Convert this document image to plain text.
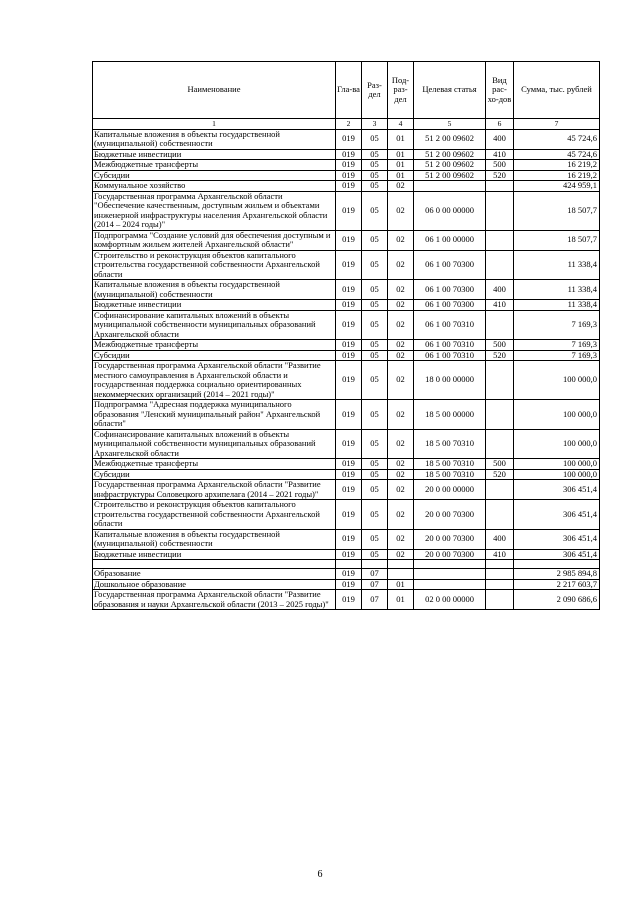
Наименование	Гла-ва	Раз-дел	Под-раз-дел	Целевая статья	Вид рас-хо-дов	Сумма, тыс. рублей
1	2	3	4	5	6	7
Капитальные вложения в объекты государственной (муниципальной) собственности	019	05	01	51 2 00 09602	400	45 724,6
Бюджетные инвестиции	019	05	01	51 2 00 09602	410	45 724,6
Межбюджетные трансферты	019	05	01	51 2 00 09602	500	16 219,2
Субсидии	019	05	01	51 2 00 09602	520	16 219,2
Коммунальное хозяйство	019	05	02			424 959,1
Государственная программа Архангельской области "Обеспечение качественным, доступным жильем и объектами инженерной инфраструктуры населения Архангельской области (2014 – 2024 годы)"	019	05	02	06 0 00 00000		18 507,7
Подпрограмма "Создание условий для обеспечения доступным и комфортным жильем жителей Архангельской области"	019	05	02	06 1 00 00000		18 507,7
Строительство и реконструкция объектов капитального строительства государственной собственности Архангельской области	019	05	02	06 1 00 70300		11 338,4
Капитальные вложения в объекты государственной (муниципальной) собственности	019	05	02	06 1 00 70300	400	11 338,4
Бюджетные инвестиции	019	05	02	06 1 00 70300	410	11 338,4
Софинансирование капитальных вложений в объекты муниципальной собственности муниципальных образований Архангельской области	019	05	02	06 1 00 70310		7 169,3
Межбюджетные трансферты	019	05	02	06 1 00 70310	500	7 169,3
Субсидии	019	05	02	06 1 00 70310	520	7 169,3
Государственная программа Архангельской области "Развитие местного самоуправления в Архангельской области и государственная поддержка социально ориентированных некоммерческих организаций (2014 – 2021 годы)"	019	05	02	18 0 00 00000		100 000,0
Подпрограмма "Адресная поддержка муниципального образования "Ленский муниципальный район" Архангельской области"	019	05	02	18 5 00 00000		100 000,0
Софинансирование капитальных вложений в объекты муниципальной собственности муниципальных образований Архангельской области	019	05	02	18 5 00 70310		100 000,0
Межбюджетные трансферты	019	05	02	18 5 00 70310	500	100 000,0
Субсидии	019	05	02	18 5 00 70310	520	100 000,0
Государственная программа Архангельской области "Развитие инфраструктуры Соловецкого архипелага (2014 – 2021 годы)"	019	05	02	20 0 00 00000		306 451,4
Строительство и реконструкция объектов капитального строительства государственной собственности Архангельской области	019	05	02	20 0 00 70300		306 451,4
Капитальные вложения в объекты государственной (муниципальной) собственности	019	05	02	20 0 00 70300	400	306 451,4
Бюджетные инвестиции	019	05	02	20 0 00 70300	410	306 451,4

Образование	019	07				2 985 894,8
Дошкольное образование	019	07	01			2 217 603,7
Государственная программа Архангельской области "Развитие образования и науки Архангельской области (2013 – 2025 годы)"	019	07	01	02 0 00 00000		2 090 686,6
6
